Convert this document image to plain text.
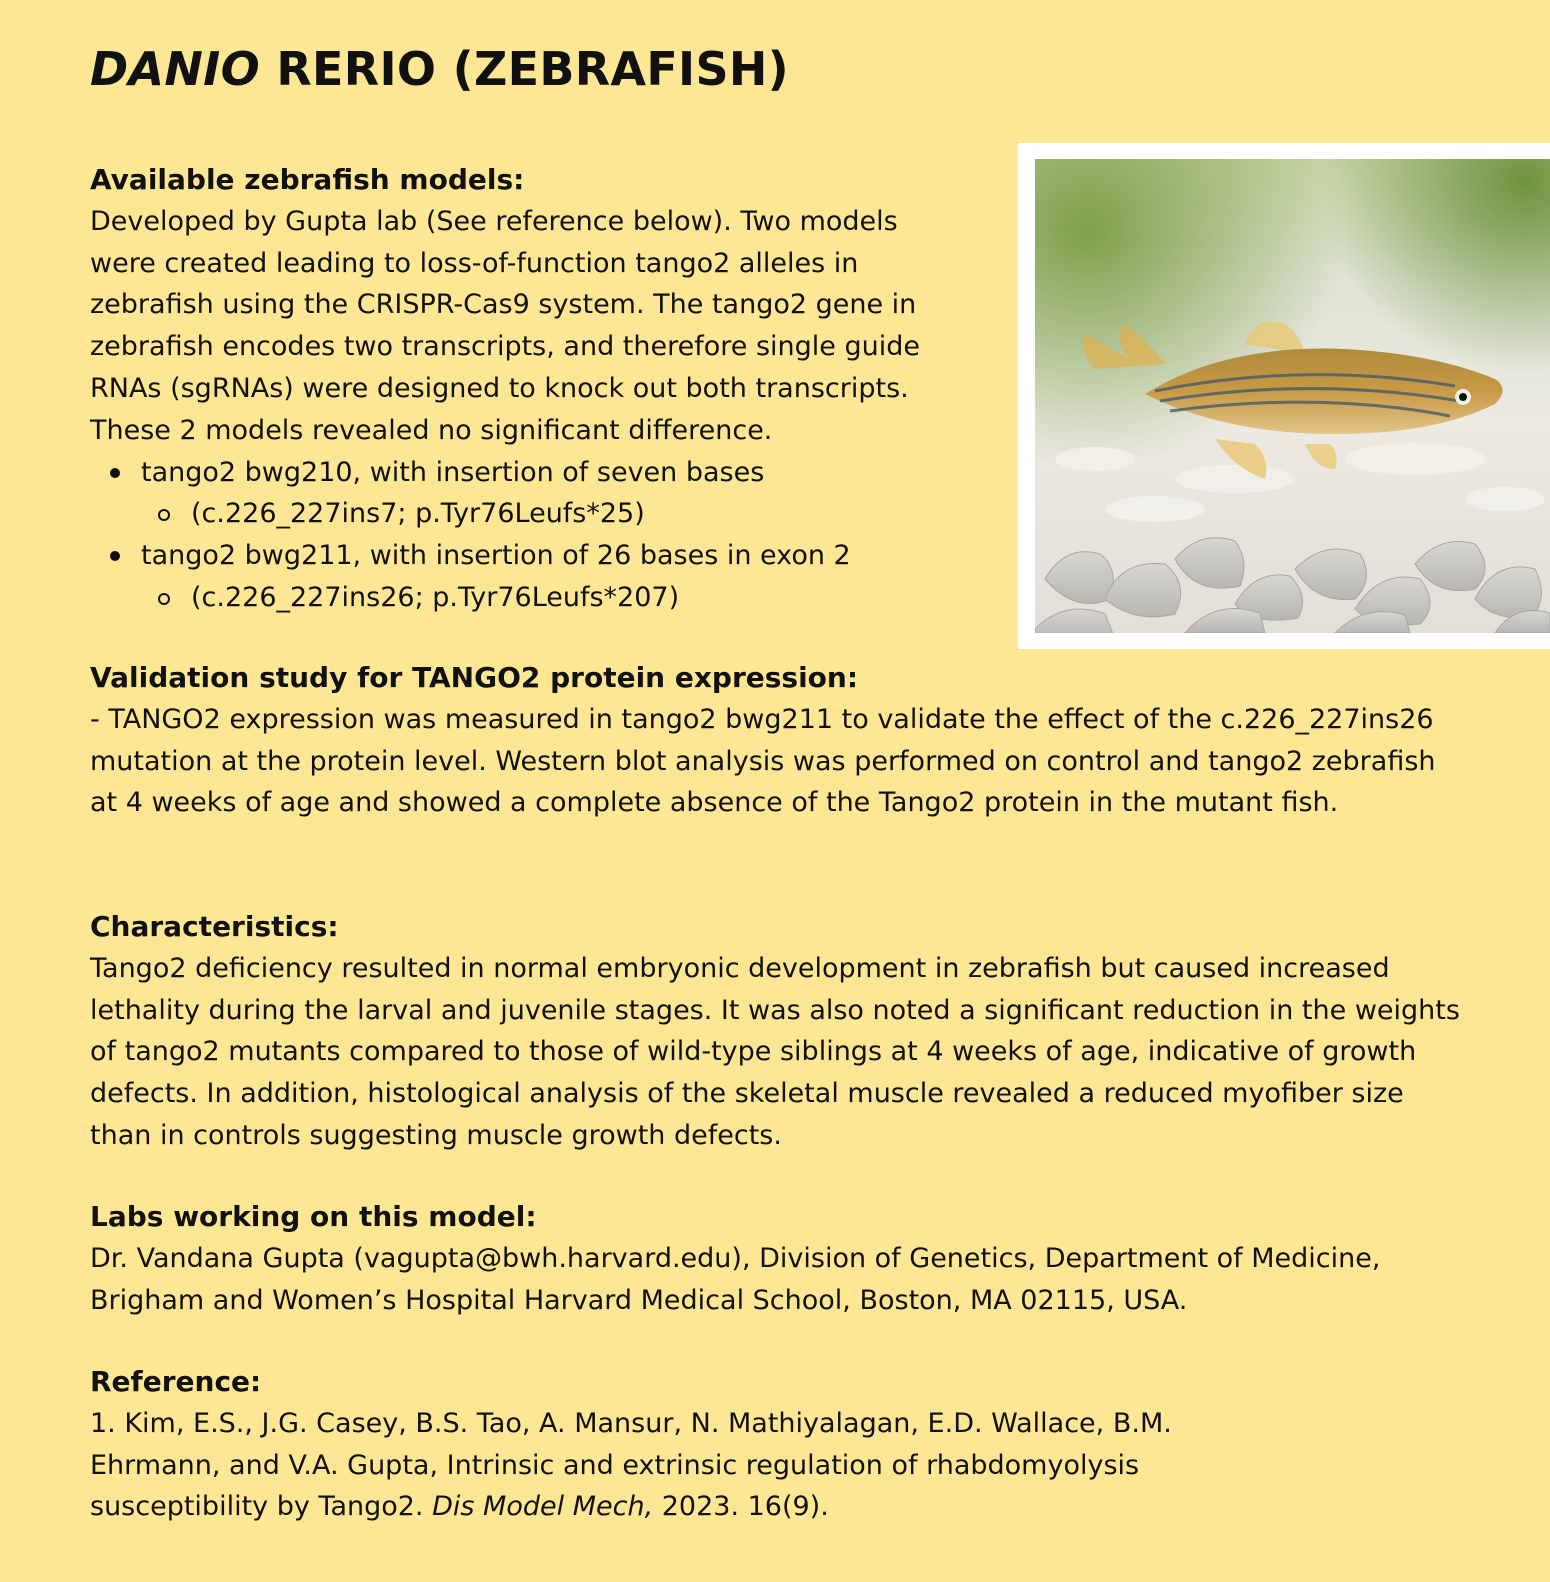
DANIO RERIO (ZEBRAFISH)
Available zebrafish models:
Developed by Gupta lab (See reference below). Two models were created leading to loss-of-function tango2 alleles in zebrafish using the CRISPR-Cas9 system. The tango2 gene in zebrafish encodes two transcripts, and therefore single guide RNAs (sgRNAs) were designed to knock out both transcripts. These 2 models revealed no significant difference.
tango2 bwg210, with insertion of seven bases
(c.226_227ins7; p.Tyr76Leufs*25)
tango2 bwg211, with insertion of 26 bases in exon 2
(c.226_227ins26; p.Tyr76Leufs*207)
Validation study for TANGO2 protein expression:
- TANGO2 expression was measured in tango2 bwg211 to validate the effect of the c.226_227ins26 mutation at the protein level. Western blot analysis was performed on control and tango2 zebrafish at 4 weeks of age and showed a complete absence of the Tango2 protein in the mutant fish.
Characteristics:
Tango2 deficiency resulted in normal embryonic development in zebrafish but caused increased lethality during the larval and juvenile stages. It was also noted a significant reduction in the weights of tango2 mutants compared to those of wild-type siblings at 4 weeks of age, indicative of growth defects. In addition, histological analysis of the skeletal muscle revealed a reduced myofiber size than in controls suggesting muscle growth defects.
Labs working on this model:
Dr. Vandana Gupta (vagupta@bwh.harvard.edu), Division of Genetics, Department of Medicine, Brigham and Women’s Hospital Harvard Medical School, Boston, MA 02115, USA.
Reference:
1. Kim, E.S., J.G. Casey, B.S. Tao, A. Mansur, N. Mathiyalagan, E.D. Wallace, B.M. Ehrmann, and V.A. Gupta, Intrinsic and extrinsic regulation of rhabdomyolysis susceptibility by Tango2. Dis Model Mech, 2023. 16(9).
